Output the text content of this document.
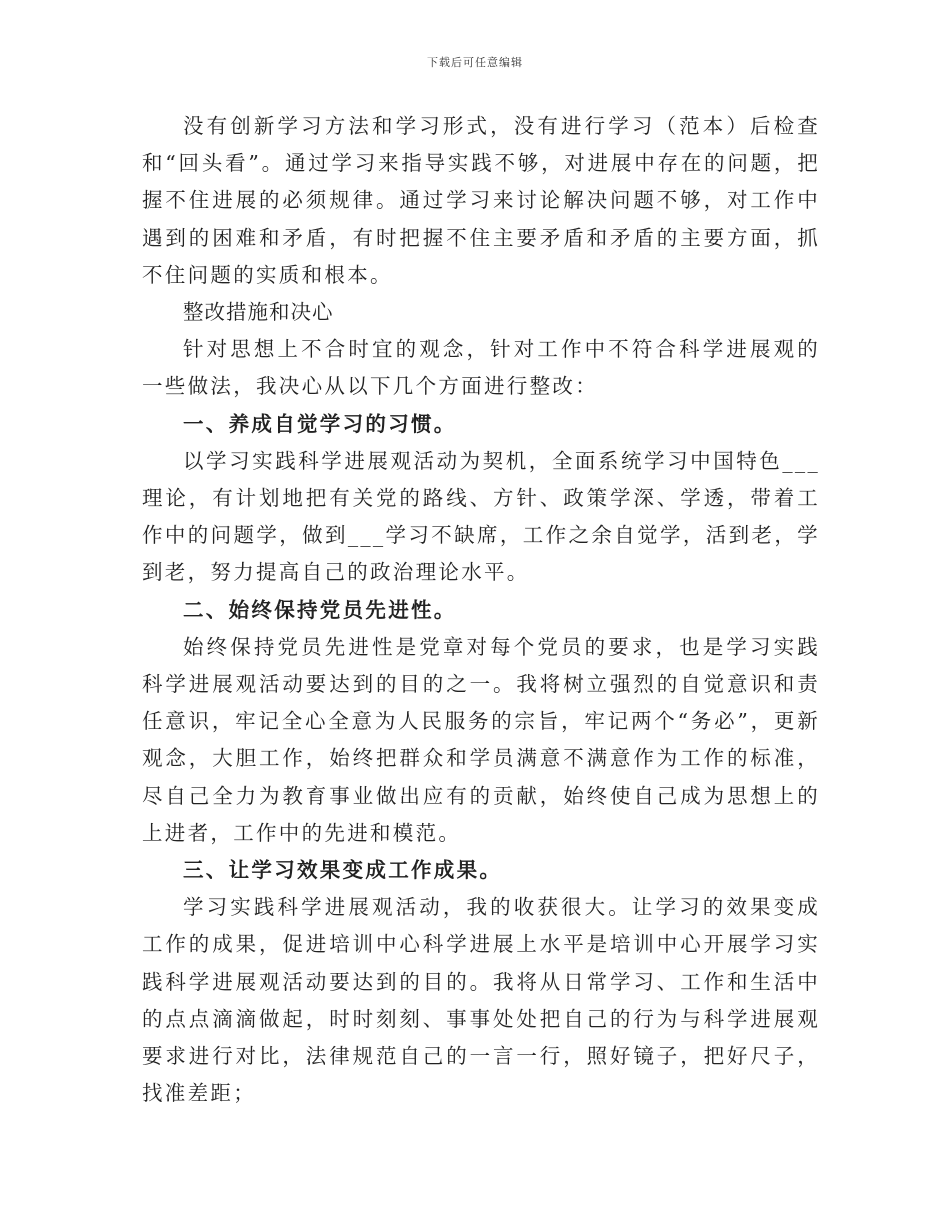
下载后可任意编辑

没有创新学习方法和学习形式，没有进行学习（范本）后检查和“回头看”。通过学习来指导实践不够，对进展中存在的问题，把握不住进展的必须规律。通过学习来讨论解决问题不够，对工作中遇到的困难和矛盾，有时把握不住主要矛盾和矛盾的主要方面，抓不住问题的实质和根本。

整改措施和决心

针对思想上不合时宜的观念，针对工作中不符合科学进展观的一些做法，我决心从以下几个方面进行整改：

一、养成自觉学习的习惯。

以学习实践科学进展观活动为契机，全面系统学习中国特色___理论，有计划地把有关党的路线、方针、政策学深、学透，带着工作中的问题学，做到___学习不缺席，工作之余自觉学，活到老，学到老，努力提高自己的政治理论水平。

二、始终保持党员先进性。

始终保持党员先进性是党章对每个党员的要求，也是学习实践科学进展观活动要达到的目的之一。我将树立强烈的自觉意识和责任意识，牢记全心全意为人民服务的宗旨，牢记两个“务必”，更新观念，大胆工作，始终把群众和学员满意不满意作为工作的标准，尽自己全力为教育事业做出应有的贡献，始终使自己成为思想上的上进者，工作中的先进和模范。

三、让学习效果变成工作成果。

学习实践科学进展观活动，我的收获很大。让学习的效果变成工作的成果，促进培训中心科学进展上水平是培训中心开展学习实践科学进展观活动要达到的目的。我将从日常学习、工作和生活中的点点滴滴做起，时时刻刻、事事处处把自己的行为与科学进展观要求进行对比，法律规范自己的一言一行，照好镜子，把好尺子，找准差距；
